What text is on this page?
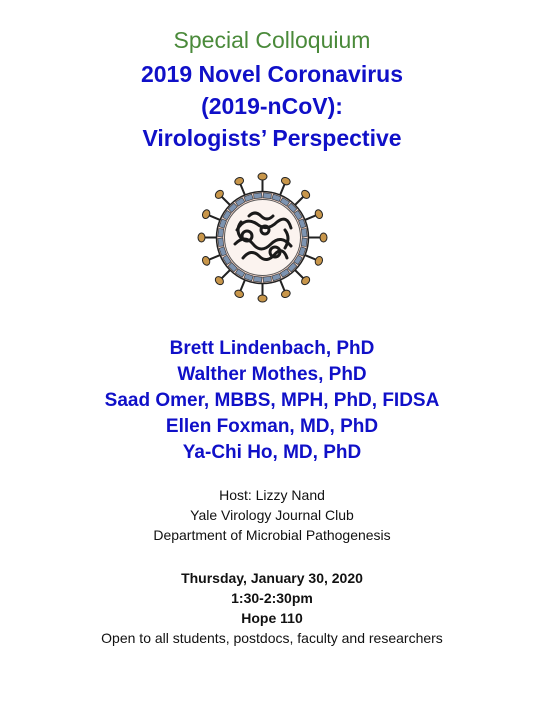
Special Colloquium
2019 Novel Coronavirus
(2019-nCoV):
Virologists’ Perspective
Brett Lindenbach, PhD
Walther Mothes, PhD
Saad Omer, MBBS, MPH, PhD, FIDSA
Ellen Foxman, MD, PhD
Ya-Chi Ho, MD, PhD
Host: Lizzy Nand
Yale Virology Journal Club
Department of Microbial Pathogenesis
Thursday, January 30, 2020
1:30-2:30pm
Hope 110
Open to all students, postdocs, faculty and researchers
